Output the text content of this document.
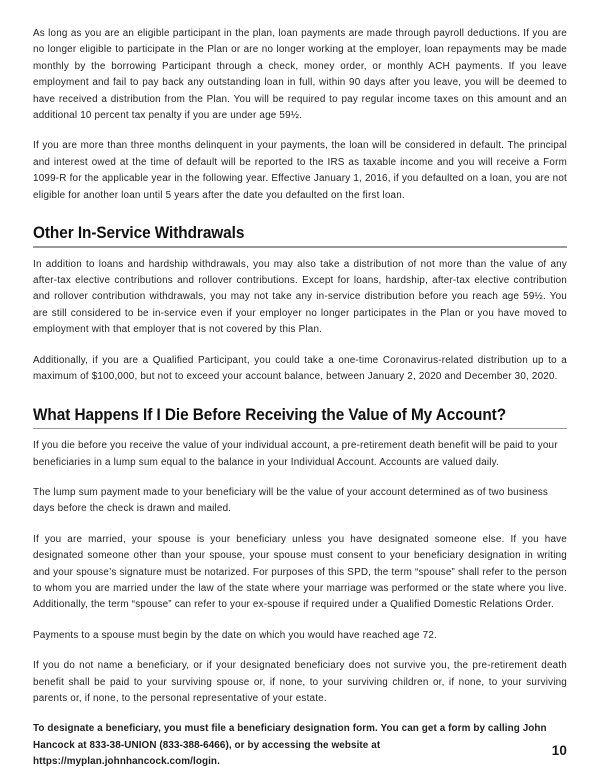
As long as you are an eligible participant in the plan, loan payments are made through payroll deductions. If you are no longer eligible to participate in the Plan or are no longer working at the employer, loan repayments may be made monthly by the borrowing Participant through a check, money order, or monthly ACH payments. If you leave employment and fail to pay back any outstanding loan in full, within 90 days after you leave, you will be deemed to have received a distribution from the Plan. You will be required to pay regular income taxes on this amount and an additional 10 percent tax penalty if you are under age 59½.

If you are more than three months delinquent in your payments, the loan will be considered in default. The principal and interest owed at the time of default will be reported to the IRS as taxable income and you will receive a Form 1099-R for the applicable year in the following year. Effective January 1, 2016, if you defaulted on a loan, you are not eligible for another loan until 5 years after the date you defaulted on the first loan.

Other In-Service Withdrawals

In addition to loans and hardship withdrawals, you may also take a distribution of not more than the value of any after-tax elective contributions and rollover contributions. Except for loans, hardship, after-tax elective contribution and rollover contribution withdrawals, you may not take any in-service distribution before you reach age 59½. You are still considered to be in-service even if your employer no longer participates in the Plan or you have moved to employment with that employer that is not covered by this Plan.

Additionally, if you are a Qualified Participant, you could take a one-time Coronavirus-related distribution up to a maximum of $100,000, but not to exceed your account balance, between January 2, 2020 and December 30, 2020.

What Happens If I Die Before Receiving the Value of My Account?

If you die before you receive the value of your individual account, a pre-retirement death benefit will be paid to your beneficiaries in a lump sum equal to the balance in your Individual Account. Accounts are valued daily.

The lump sum payment made to your beneficiary will be the value of your account determined as of two business days before the check is drawn and mailed.

If you are married, your spouse is your beneficiary unless you have designated someone else. If you have designated someone other than your spouse, your spouse must consent to your beneficiary designation in writing and your spouse’s signature must be notarized. For purposes of this SPD, the term “spouse” shall refer to the person to whom you are married under the law of the state where your marriage was performed or the state where you live. Additionally, the term “spouse” can refer to your ex-spouse if required under a Qualified Domestic Relations Order.

Payments to a spouse must begin by the date on which you would have reached age 72.

If you do not name a beneficiary, or if your designated beneficiary does not survive you, the pre-retirement death benefit shall be paid to your surviving spouse or, if none, to your surviving children or, if none, to your surviving parents or, if none, to the personal representative of your estate.

To designate a beneficiary, you must file a beneficiary designation form. You can get a form by calling John Hancock at 833-38-UNION (833-388-6466), or by accessing the website at https://myplan.johnhancock.com/login.

10
